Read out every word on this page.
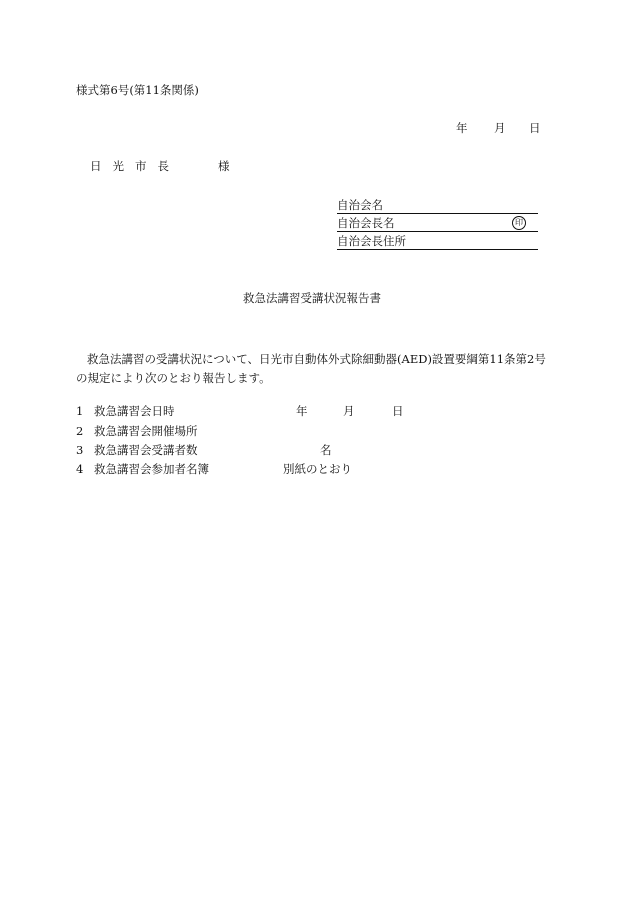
様式第6号(第11条関係)
年 月 日
日光市長	様
自治会名
自治会長名	印
自治会長住所
救急法講習受講状況報告書
救急法講習の受講状況について、日光市自動体外式除細動器(AED)設置要綱第11条第2号
の規定により次のとおり報告します。
1 救急講習会日時	年	月	日
2 救急講習会開催場所
3 救急講習会受講者数	名
4 救急講習会参加者名簿	別紙のとおり
